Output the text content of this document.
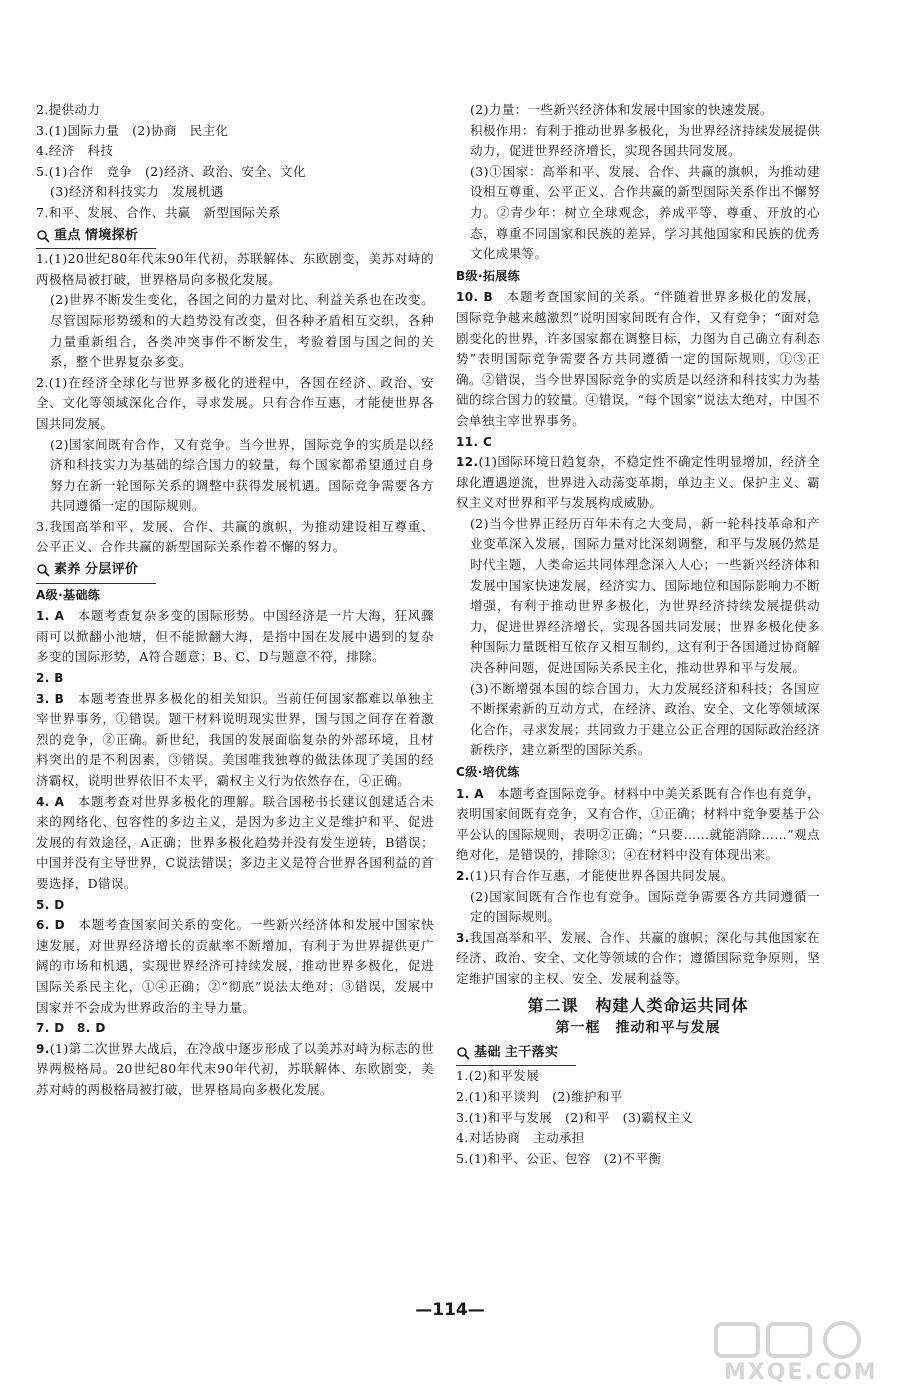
2.提供动力

3.(1)国际力量　(2)协商　民主化

4.经济　科技

5.(1)合作　竞争　(2)经济、政治、安全、文化

(3)经济和科技实力　发展机遇

7.和平、发展、合作、共赢　新型国际关系

重点 情境探析

1.(1)20世纪80年代末90年代初，苏联解体、东欧剧变，美苏对峙的两极格局被打破，世界格局向多极化发展。

(2)世界不断发生变化，各国之间的力量对比、利益关系也在改变。尽管国际形势缓和的大趋势没有改变，但各种矛盾相互交织，各种力量重新组合，各类冲突事件不断发生，考验着国与国之间的关系，整个世界复杂多变。

2.(1)在经济全球化与世界多极化的进程中，各国在经济、政治、安全、文化等领域深化合作，寻求发展。只有合作互惠，才能使世界各国共同发展。

(2)国家间既有合作，又有竞争。当今世界，国际竞争的实质是以经济和科技实力为基础的综合国力的较量，每个国家都希望通过自身努力在新一轮国际关系的调整中获得发展机遇。国际竞争需要各方共同遵循一定的国际规则。

3.我国高举和平、发展、合作、共赢的旗帜，为推动建设相互尊重、公平正义、合作共赢的新型国际关系作着不懈的努力。

素养 分层评价
A级·基础练

1. A　 本题考查复杂多变的国际形势。中国经济是一片大海，狂风骤雨可以掀翻小池塘，但不能掀翻大海，是指中国在发展中遇到的复杂多变的国际形势，A符合题意；B、C、D与题意不符，排除。

2. B

3. B　 本题考查世界多极化的相关知识。当前任何国家都难以单独主宰世界事务，①错误。题干材料说明现实世界，国与国之间存在着激烈的竞争，②正确。新世纪，我国的发展面临复杂的外部环境，且材料突出的是不利因素，③错误。美国唯我独尊的做法体现了美国的经济霸权，说明世界依旧不太平，霸权主义行为依然存在，④正确。

4. A　 本题考查对世界多极化的理解。联合国秘书长建议创建适合未来的网络化、包容性的多边主义，是因为多边主义是维护和平、促进发展的有效途径，A正确；世界多极化趋势并没有发生逆转，B错误；中国并没有主导世界，C说法错误；多边主义是符合世界各国利益的首要选择，D错误。

5. D

6. D　 本题考查国家间关系的变化。一些新兴经济体和发展中国家快速发展，对世界经济增长的贡献率不断增加，有利于为世界提供更广阔的市场和机遇，实现世界经济可持续发展，推动世界多极化，促进国际关系民主化，①④正确；②“彻底”说法太绝对；③错误，发展中国家并不会成为世界政治的主导力量。

7. D　8. D

9.(1)第二次世界大战后，在冷战中逐步形成了以美苏对峙为标志的世界两极格局。20世纪80年代末90年代初，苏联解体、东欧剧变，美苏对峙的两极格局被打破，世界格局向多极化发展。

(2)力量：一些新兴经济体和发展中国家的快速发展。

积极作用：有利于推动世界多极化，为世界经济持续发展提供动力，促进世界经济增长，实现各国共同发展。

(3)①国家：高举和平、发展、合作、共赢的旗帜，为推动建设相互尊重、公平正义、合作共赢的新型国际关系作出不懈努力。②青少年：树立全球观念，养成平等、尊重、开放的心态，尊重不同国家和民族的差异，学习其他国家和民族的优秀文化成果等。

B级·拓展练

10. B　 本题考查国家间的关系。“伴随着世界多极化的发展，国际竞争越来越激烈”说明国家间既有合作，又有竞争；“面对急剧变化的世界，许多国家都在调整目标，力图为自己确立有利态势”表明国际竞争需要各方共同遵循一定的国际规则，①③正确。②错误，当今世界国际竞争的实质是以经济和科技实力为基础的综合国力的较量。④错误，“每个国家”说法太绝对，中国不会单独主宰世界事务。

11. C

12.(1)国际环境日趋复杂，不稳定性不确定性明显增加，经济全球化遭遇逆流，世界进入动荡变革期，单边主义、保护主义、霸权主义对世界和平与发展构成威胁。

(2)当今世界正经历百年未有之大变局，新一轮科技革命和产业变革深入发展，国际力量对比深刻调整，和平与发展仍然是时代主题，人类命运共同体理念深入人心；一些新兴经济体和发展中国家快速发展，经济实力、国际地位和国际影响力不断增强，有利于推动世界多极化，为世界经济持续发展提供动力，促进世界经济增长，实现各国共同发展；世界多极化使多种国际力量既相互依存又相互制约，这有利于各国通过协商解决各种问题，促进国际关系民主化，推动世界和平与发展。

(3)不断增强本国的综合国力，大力发展经济和科技；各国应不断探索新的互动方式，在经济、政治、安全、文化等领域深化合作，寻求发展；共同致力于建立公正合理的国际政治经济新秩序，建立新型的国际关系。

C级·培优练

1. A　 本题考查国际竞争。材料中中美关系既有合作也有竞争，表明国家间既有竞争，又有合作，①正确；材料中竞争要基于公平公认的国际规则，表明②正确；“只要……就能消除……”观点绝对化，是错误的，排除③；④在材料中没有体现出来。

2.(1)只有合作互惠，才能使世界各国共同发展。

(2)国家间既有合作也有竞争。国际竞争需要各方共同遵循一定的国际规则。

3.我国高举和平、发展、合作、共赢的旗帜；深化与其他国家在经济、政治、安全、文化等领域的合作；遵循国际竞争原则，坚定维护国家的主权、安全、发展利益等。

第二课　构建人类命运共同体
第一框　推动和平与发展
基础 主干落实

1.(2)和平发展

2.(1)和平谈判　(2)维护和平

3.(1)和平与发展　(2)和平　(3)霸权主义

4.对话协商　主动承担

5.(1)和平、公正、包容　(2)不平衡

—114—
MXQE.COM
